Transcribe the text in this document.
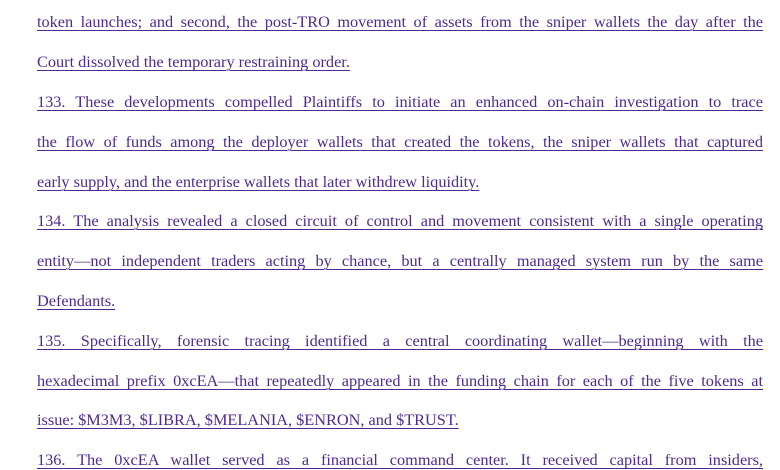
token launches; and second, the post-TRO movement of assets from the sniper wallets the day after the

Court dissolved the temporary restraining order.

133. These developments compelled Plaintiffs to initiate an enhanced on-chain investigation to trace

the flow of funds among the deployer wallets that created the tokens, the sniper wallets that captured

early supply, and the enterprise wallets that later withdrew liquidity.

134. The analysis revealed a closed circuit of control and movement consistent with a single operating

entity—not independent traders acting by chance, but a centrally managed system run by the same

Defendants.

135. Specifically, forensic tracing identified a central coordinating wallet—beginning with the

hexadecimal prefix 0xcEA—that repeatedly appeared in the funding chain for each of the five tokens at

issue: $M3M3, $LIBRA, $MELANIA, $ENRON, and $TRUST.

136. The 0xcEA wallet served as a financial command center. It received capital from insiders,
